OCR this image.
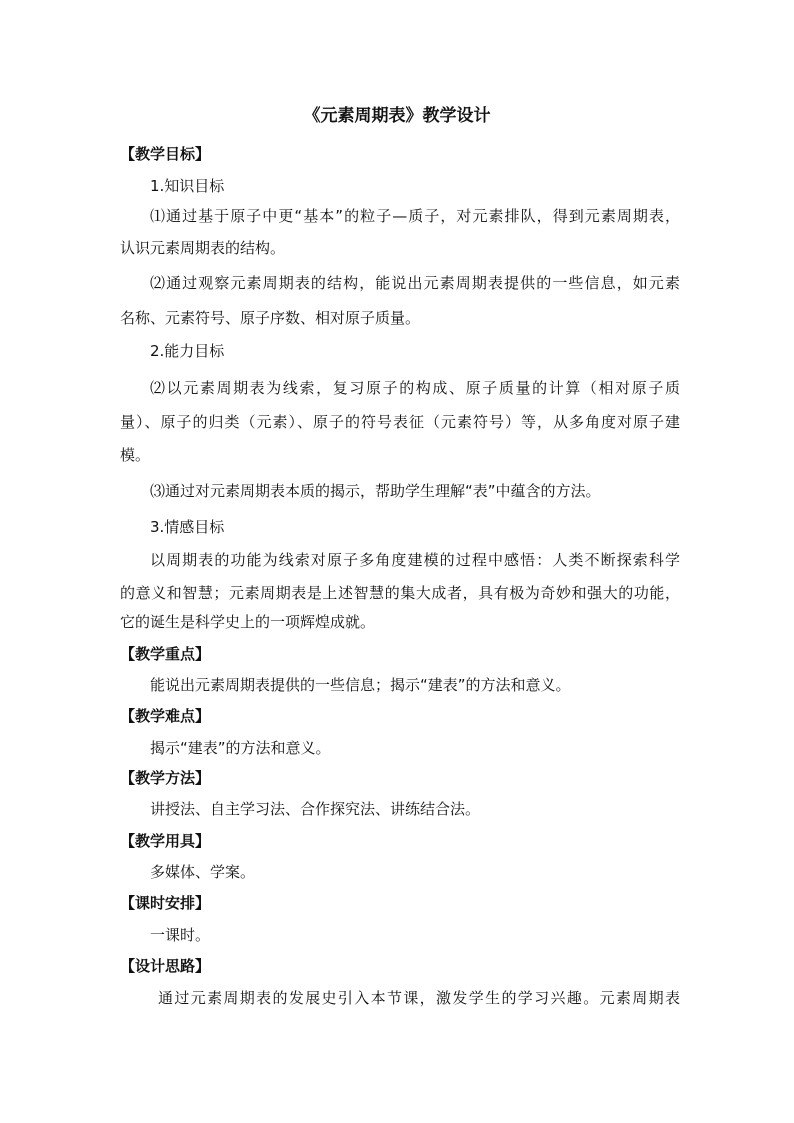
《元素周期表》教学设计
【教学目标】
1.知识目标
⑴通过基于原子中更“基本”的粒子—质子，对元素排队，得到元素周期表，
认识元素周期表的结构。
⑵通过观察元素周期表的结构，能说出元素周期表提供的一些信息，如元素
名称、元素符号、原子序数、相对原子质量。
2.能力目标
⑵以元素周期表为线索，复习原子的构成、原子质量的计算（相对原子质
量）、原子的归类（元素）、原子的符号表征（元素符号）等，从多角度对原子建
模。
⑶通过对元素周期表本质的揭示，帮助学生理解“表”中蕴含的方法。
3.情感目标
以周期表的功能为线索对原子多角度建模的过程中感悟：人类不断探索科学
的意义和智慧；元素周期表是上述智慧的集大成者，具有极为奇妙和强大的功能，
它的诞生是科学史上的一项辉煌成就。
【教学重点】
能说出元素周期表提供的一些信息；揭示“建表”的方法和意义。
【教学难点】
揭示“建表”的方法和意义。
【教学方法】
讲授法、自主学习法、合作探究法、讲练结合法。
【教学用具】
多媒体、学案。
【课时安排】
一课时。
【设计思路】
通过元素周期表的发展史引入本节课，激发学生的学习兴趣。元素周期表
